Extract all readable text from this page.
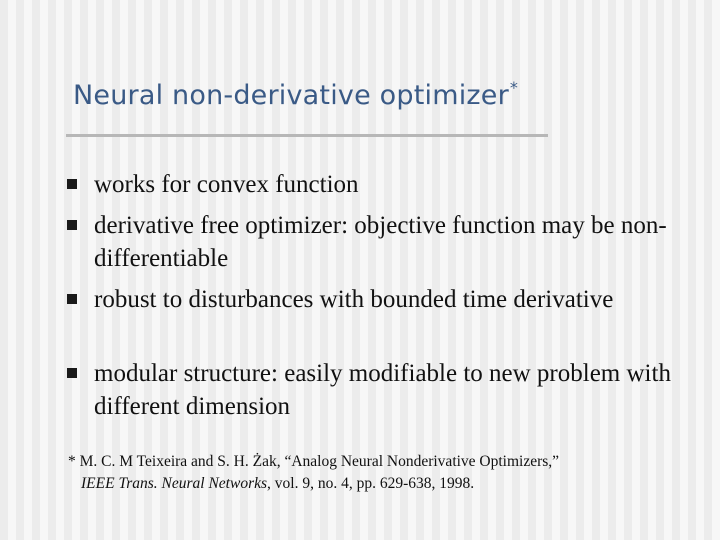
Neural non-derivative optimizer*
works for convex function
derivative free optimizer: objective function may be non-differentiable
robust to disturbances with bounded time derivative
modular structure: easily modifiable to new problem with different dimension
* M. C. M Teixeira and S. H. Żak, “Analog Neural Nonderivative Optimizers,”
IEEE Trans. Neural Networks, vol. 9, no. 4, pp. 629-638, 1998.
